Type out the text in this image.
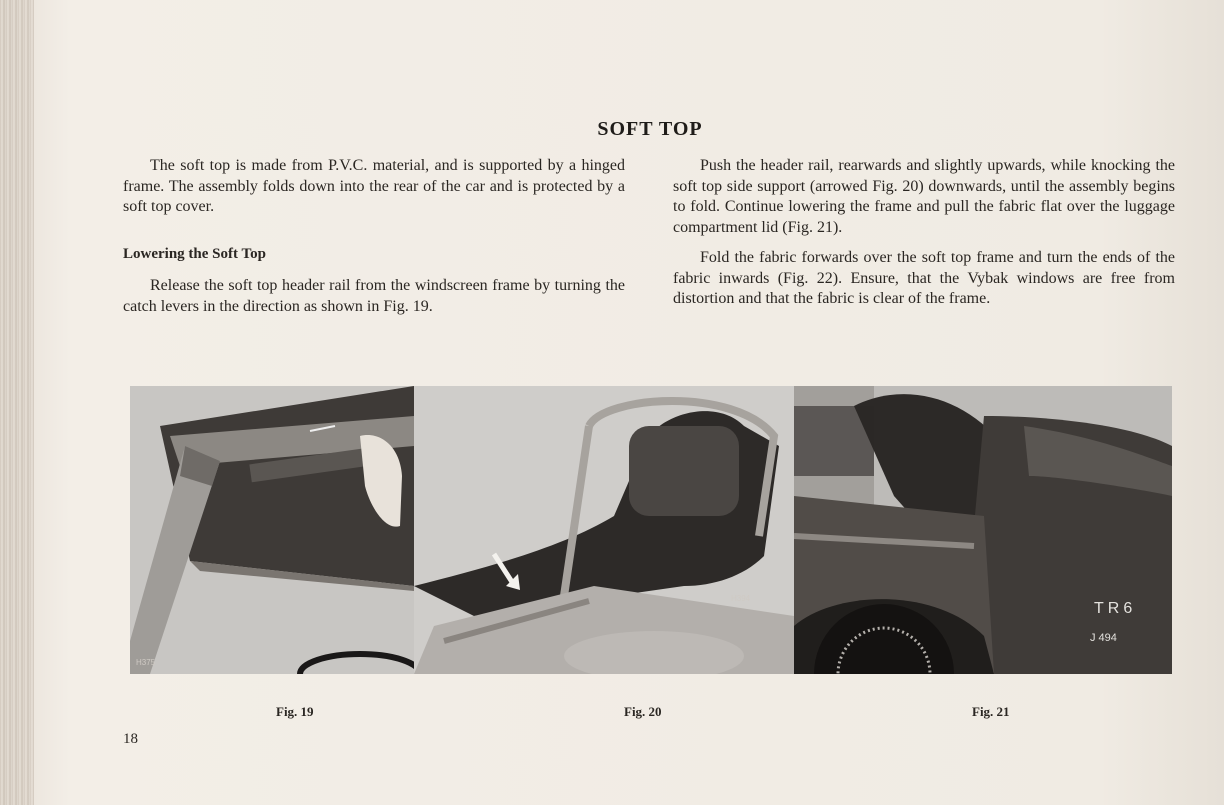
SOFT TOP

The soft top is made from P.V.C. material, and is supported by a hinged frame. The assembly folds down into the rear of the car and is protected by a soft top cover.

Lowering the Soft Top

Release the soft top header rail from the windscreen frame by turning the catch levers in the direction as shown in Fig. 19.

Push the header rail, rearwards and slightly upwards, while knocking the soft top side support (arrowed Fig. 20) downwards, until the assembly begins to fold. Continue lowering the frame and pull the fabric flat over the luggage compartment lid (Fig. 21).

Fold the fabric forwards over the soft top frame and turn the ends of the fabric inwards (Fig. 22). Ensure, that the Vybak windows are free from distortion and that the fabric is clear of the frame.

H375
H394
TR6
J 494
Fig. 19	Fig. 20	Fig. 21
18
